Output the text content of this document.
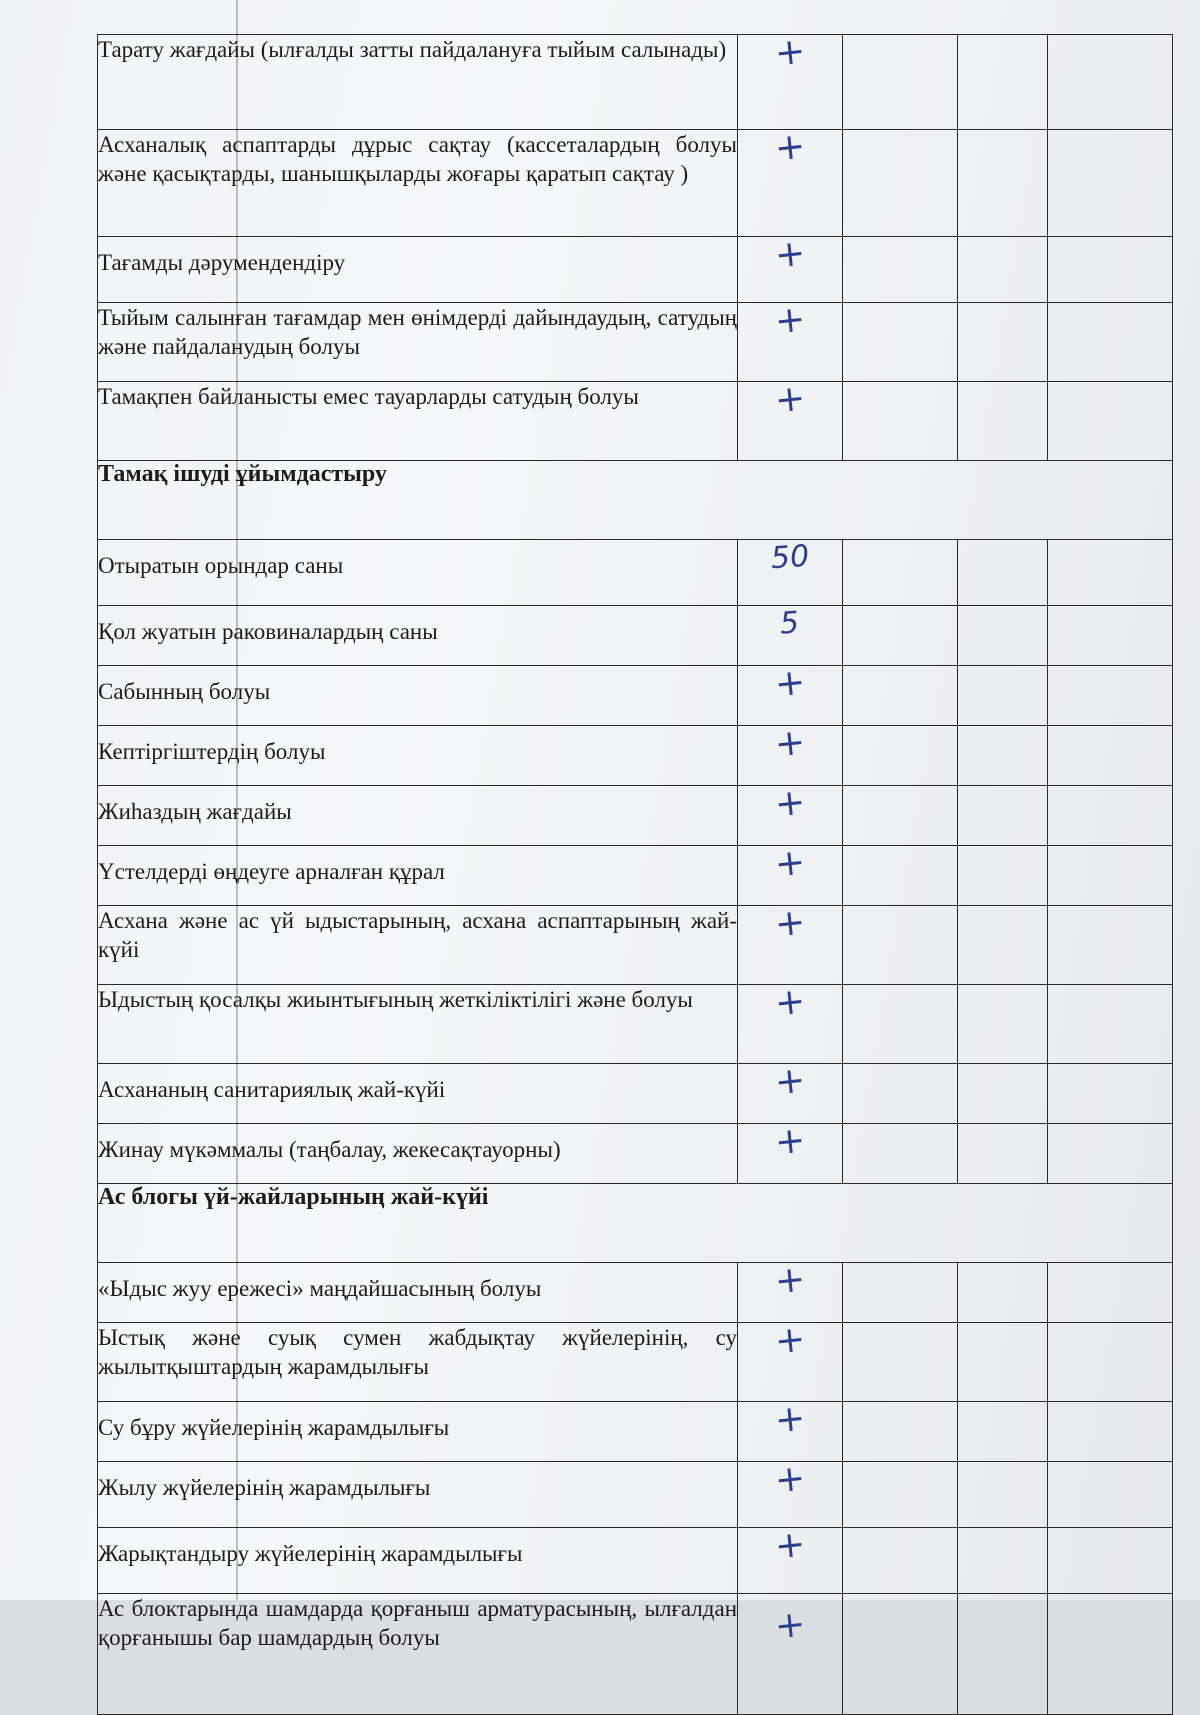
Тарату жағдайы (ылғалды затты пайдалануға тыйым салынады)	+			
Асханалық аспаптарды дұрыс сақтау (кассеталардың болуы және қасықтарды, шанышқыларды жоғары қаратып сақтау )	+			
Тағамды дәрумендендіру	+			
Тыйым салынған тағамдар мен өнімдерді дайындаудың, сатудың және пайдаланудың болуы	+			
Тамақпен байланысты емес тауарларды сатудың болуы	+			
Тамақ ішуді ұйымдастыру				
Отыратын орындар саны	50			
Қол жуатын раковиналардың саны	5			
Сабынның болуы	+			
Кептіргіштердің болуы	+			
Жиһаздың жағдайы	+			
Үстелдерді өңдеуге арналған құрал	+			
Асхана және ас үй ыдыстарының, асхана аспаптарының жай-күйі	+			
Ыдыстың қосалқы жиынтығының жеткіліктілігі және болуы	+			
Асхананың санитариялық жай-күйі	+			
Жинау мүкәммалы (таңбалау, жекесақтауорны)	+			
Ас блогы үй-жайларының жай-күйі				
«Ыдыс жуу ережесі» маңдайшасының болуы	+			
Ыстық және суық сумен жабдықтау жүйелерінің, су жылытқыштардың жарамдылығы	+			
Су бұру жүйелерінің жарамдылығы	+			
Жылу жүйелерінің жарамдылығы	+			
Жарықтандыру жүйелерінің жарамдылығы	+			
Ас блоктарында шамдарда қорғаныш арматурасының, ылғалдан қорғанышы бар шамдардың болуы	+			
